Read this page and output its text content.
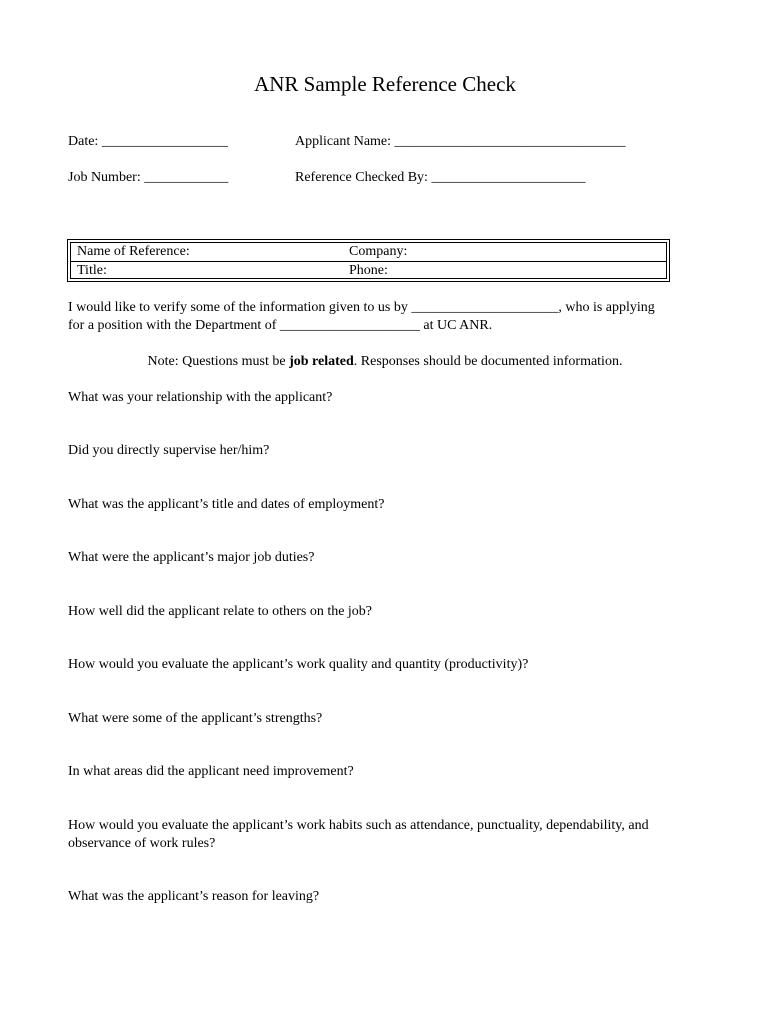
ANR Sample Reference Check
Date: __________________	Applicant Name: _________________________________
Job Number: ____________	Reference Checked By: ______________________
Name of Reference:	Company:
Title:	Phone:
I would like to verify some of the information given to us by _____________________, who is applying
for a position with the Department of ____________________ at UC ANR.
Note: Questions must be job related. Responses should be documented information.
What was your relationship with the applicant?
Did you directly supervise her/him?
What was the applicant’s title and dates of employment?
What were the applicant’s major job duties?
How well did the applicant relate to others on the job?
How would you evaluate the applicant’s work quality and quantity (productivity)?
What were some of the applicant’s strengths?
In what areas did the applicant need improvement?
How would you evaluate the applicant’s work habits such as attendance, punctuality, dependability, and
observance of work rules?
What was the applicant’s reason for leaving?
